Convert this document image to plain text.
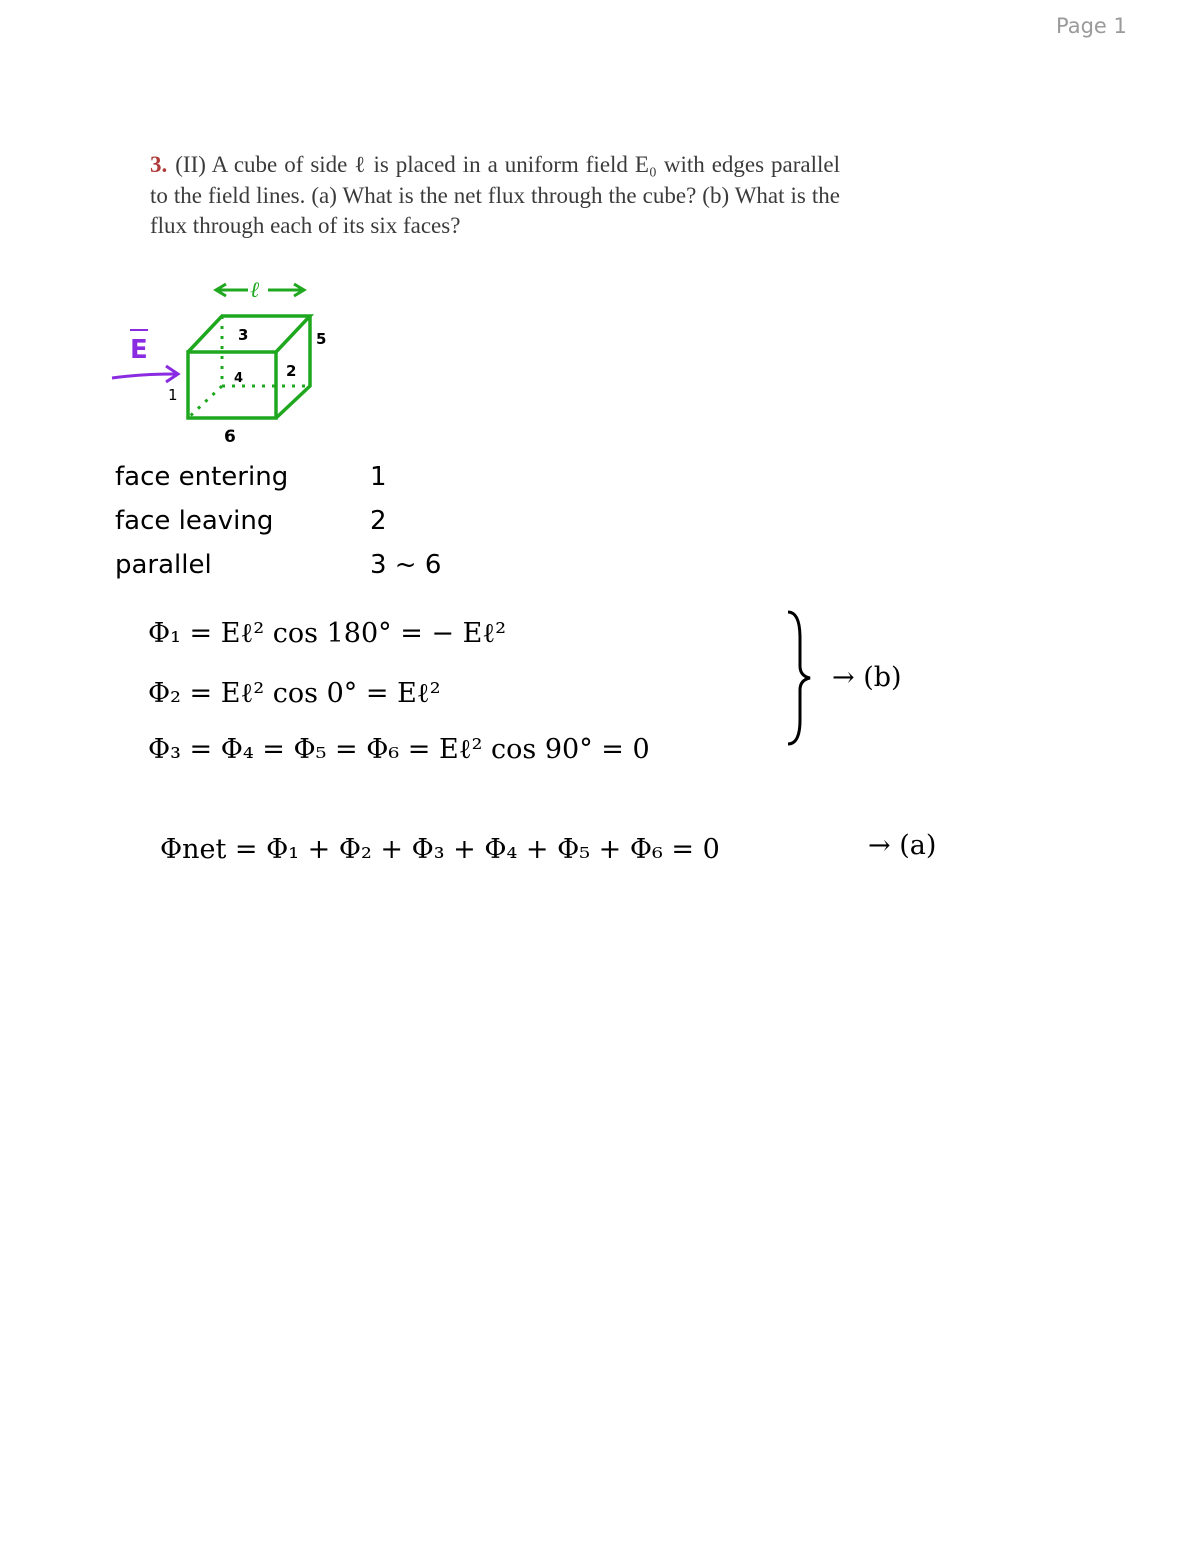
Page 1

3. (II) A cube of side ℓ is placed in a uniform field E₀ with edges parallel to the field lines. (a) What is the net flux through the cube? (b) What is the flux through each of its six faces?

E
ℓ
1
2
3
4
5
6
face entering	1
face leaving	2
parallel	3 ~ 6
Φ₁ = Eℓ² cos 180° = − Eℓ²
Φ₂ = Eℓ² cos 0° = Eℓ²
Φ₃ = Φ₄ = Φ₅ = Φ₆ = Eℓ² cos 90° = 0
→ (b)
Φnet = Φ₁ + Φ₂ + Φ₃ + Φ₄ + Φ₅ + Φ₆ = 0	→ (a)
